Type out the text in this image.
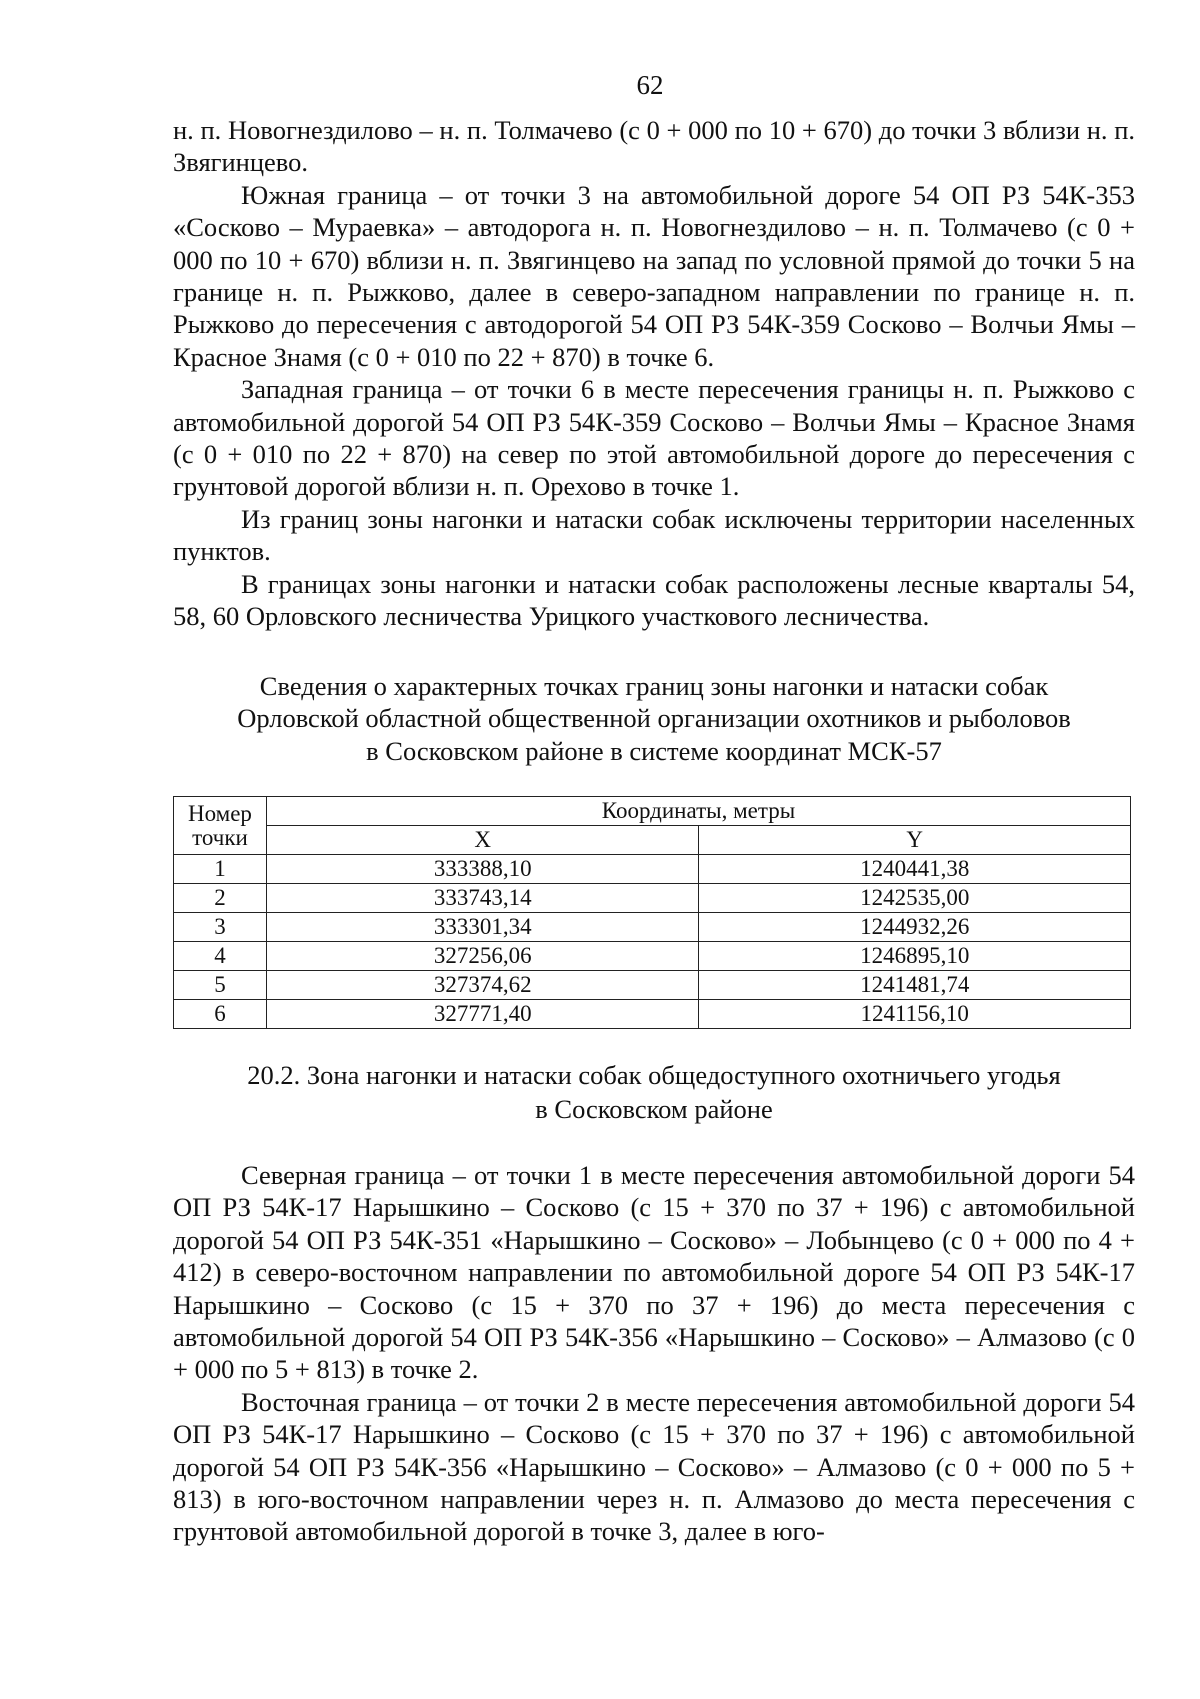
62

н. п. Новогнездилово – н. п. Толмачево (с 0 + 000 по 10 + 670) до точки 3 вблизи н. п. Звягинцево.

Южная граница – от точки 3 на автомобильной дороге 54 ОП РЗ 54К-353 «Сосково – Мураевка» – автодорога н. п. Новогнездилово – н. п. Толмачево (с 0 + 000 по 10 + 670) вблизи н. п. Звягинцево на запад по условной прямой до точки 5 на границе н. п. Рыжково, далее в северо-западном направлении по границе н. п. Рыжково до пересечения с автодорогой 54 ОП РЗ 54К-359 Сосково – Волчьи Ямы – Красное Знамя (с 0 + 010 по 22 + 870) в точке 6.

Западная граница – от точки 6 в месте пересечения границы н. п. Рыжково с автомобильной дорогой 54 ОП РЗ 54К-359 Сосково – Волчьи Ямы – Красное Знамя (с 0 + 010 по 22 + 870) на север по этой автомобильной дороге до пересечения с грунтовой дорогой вблизи н. п. Орехово в точке 1.

Из границ зоны нагонки и натаски собак исключены территории населенных пунктов.

В границах зоны нагонки и натаски собак расположены лесные кварталы 54, 58, 60 Орловского лесничества Урицкого участкового лесничества.

Сведения о характерных точках границ зоны нагонки и натаски собак
Орловской областной общественной организации охотников и рыболовов
в Сосковском районе в системе координат МСК-57
Номер
точки	Координаты, метры	
	X	Y
1	333388,10	1240441,38
2	333743,14	1242535,00
3	333301,34	1244932,26
4	327256,06	1246895,10
5	327374,62	1241481,74
6	327771,40	1241156,10
20.2. Зона нагонки и натаски собак общедоступного охотничьего угодья
в Сосковском районе

Северная граница – от точки 1 в месте пересечения автомобильной дороги 54 ОП РЗ 54К-17 Нарышкино – Сосково (с 15 + 370 по 37 + 196) с автомобильной дорогой 54 ОП РЗ 54К-351 «Нарышкино – Сосково» – Лобынцево (с 0 + 000 по 4 + 412) в северо-восточном направлении по автомобильной дороге 54 ОП РЗ 54К-17 Нарышкино – Сосково (с 15 + 370 по 37 + 196) до места пересечения с автомобильной дорогой 54 ОП РЗ 54К-356 «Нарышкино – Сосково» – Алмазово (с 0 + 000 по 5 + 813) в точке 2.

Восточная граница – от точки 2 в месте пересечения автомобильной дороги 54 ОП РЗ 54К-17 Нарышкино – Сосково (с 15 + 370 по 37 + 196) с автомобильной дорогой 54 ОП РЗ 54К-356 «Нарышкино – Сосково» – Алмазово (с 0 + 000 по 5 + 813) в юго-восточном направлении через н. п. Алмазово до места пересечения с грунтовой автомобильной дорогой в точке 3, далее в юго-
